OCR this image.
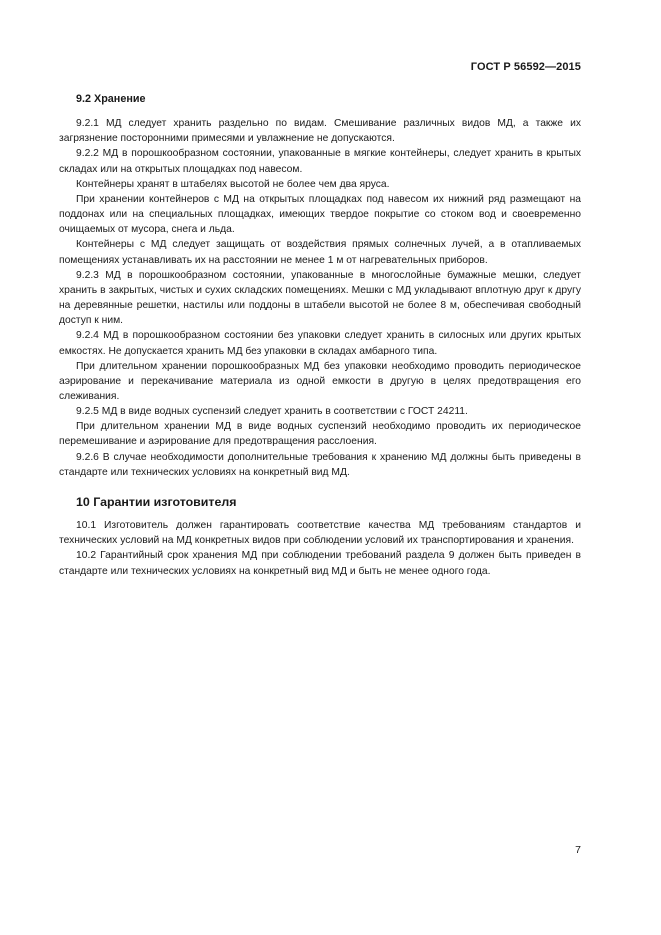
ГОСТ Р 56592—2015
9.2 Хранение

9.2.1 МД следует хранить раздельно по видам. Смешивание различных видов МД, а также их загрязнение посторонними примесями и увлажнение не допускаются.

9.2.2 МД в порошкообразном состоянии, упакованные в мягкие контейнеры, следует хранить в крытых складах или на открытых площадках под навесом.

Контейнеры хранят в штабелях высотой не более чем два яруса.

При хранении контейнеров с МД на открытых площадках под навесом их нижний ряд размещают на поддонах или на специальных площадках, имеющих твердое покрытие со стоком вод и своевременно очищаемых от мусора, снега и льда.

Контейнеры с МД следует защищать от воздействия прямых солнечных лучей, а в отапливаемых помещениях устанавливать их на расстоянии не менее 1 м от нагревательных приборов.

9.2.3 МД в порошкообразном состоянии, упакованные в многослойные бумажные мешки, следует хранить в закрытых, чистых и сухих складских помещениях. Мешки с МД укладывают вплотную друг к другу на деревянные решетки, настилы или поддоны в штабели высотой не более 8 м, обеспечивая свободный доступ к ним.

9.2.4 МД в порошкообразном состоянии без упаковки следует хранить в силосных или других крытых емкостях. Не допускается хранить МД без упаковки в складах амбарного типа.

При длительном хранении порошкообразных МД без упаковки необходимо проводить периодическое аэрирование и перекачивание материала из одной емкости в другую в целях предотвращения его слеживания.

9.2.5 МД в виде водных суспензий следует хранить в соответствии с ГОСТ 24211.

При длительном хранении МД в виде водных суспензий необходимо проводить их периодическое перемешивание и аэрирование для предотвращения расслоения.

9.2.6 В случае необходимости дополнительные требования к хранению МД должны быть приведены в стандарте или технических условиях на конкретный вид МД.

10 Гарантии изготовителя

10.1 Изготовитель должен гарантировать соответствие качества МД требованиям стандартов и технических условий на МД конкретных видов при соблюдении условий их транспортирования и хранения.

10.2 Гарантийный срок хранения МД при соблюдении требований раздела 9 должен быть приведен в стандарте или технических условиях на конкретный вид МД и быть не менее одного года.

7
